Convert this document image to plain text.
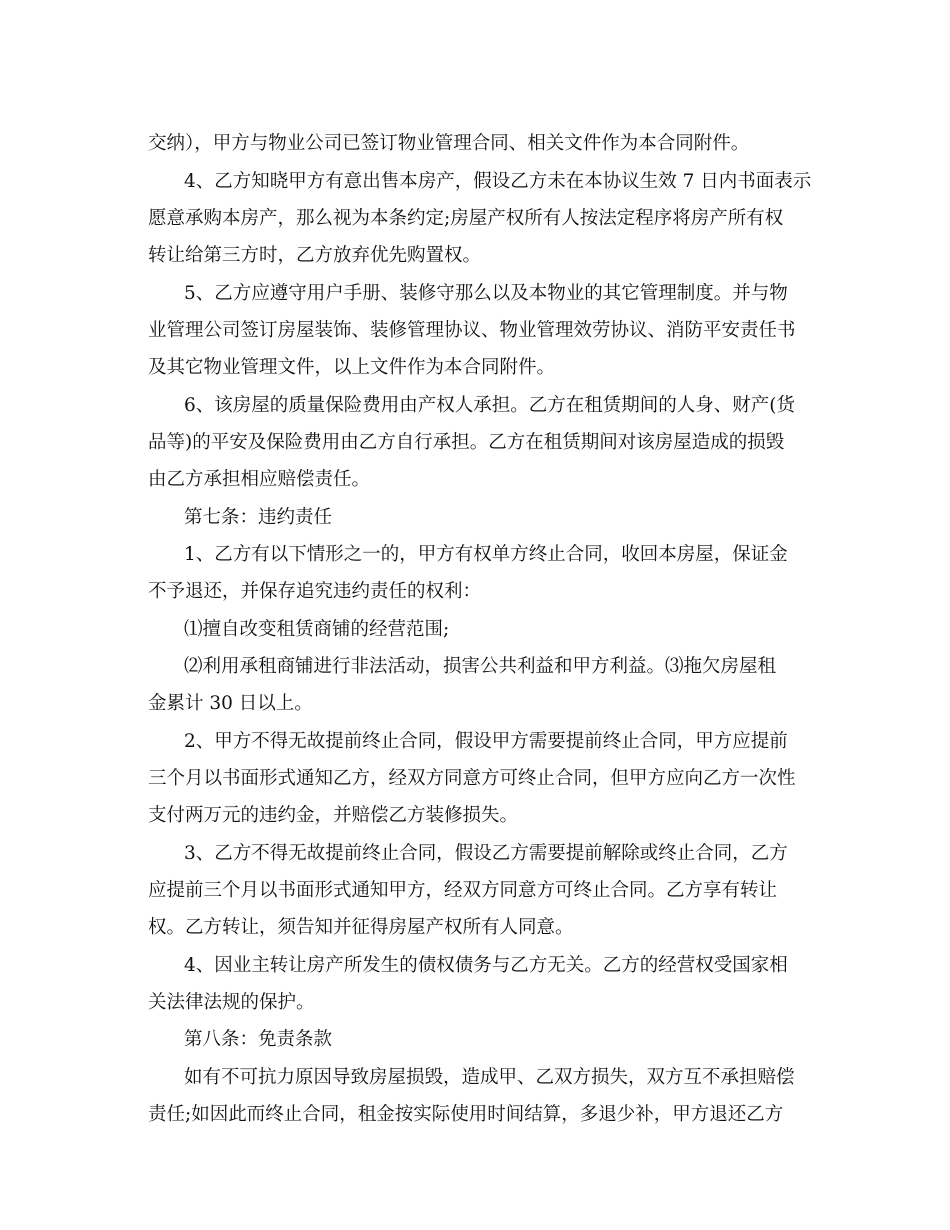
交纳），甲方与物业公司已签订物业管理合同、相关文件作为本合同附件。
4、乙方知晓甲方有意出售本房产，假设乙方未在本协议生效 7 日内书面表示
愿意承购本房产，那么视为本条约定;房屋产权所有人按法定程序将房产所有权
转让给第三方时，乙方放弃优先购置权。
5、乙方应遵守用户手册、装修守那么以及本物业的其它管理制度。并与物
业管理公司签订房屋装饰、装修管理协议、物业管理效劳协议、消防平安责任书
及其它物业管理文件，以上文件作为本合同附件。
6、该房屋的质量保险费用由产权人承担。乙方在租赁期间的人身、财产(货
品等)的平安及保险费用由乙方自行承担。乙方在租赁期间对该房屋造成的损毁
由乙方承担相应赔偿责任。
第七条：违约责任
1、乙方有以下情形之一的，甲方有权单方终止合同，收回本房屋，保证金
不予退还，并保存追究违约责任的权利：
⑴擅自改变租赁商铺的经营范围;
⑵利用承租商铺进行非法活动，损害公共利益和甲方利益。⑶拖欠房屋租
金累计 30 日以上。
2、甲方不得无故提前终止合同，假设甲方需要提前终止合同，甲方应提前
三个月以书面形式通知乙方，经双方同意方可终止合同，但甲方应向乙方一次性
支付两万元的违约金，并赔偿乙方装修损失。
3、乙方不得无故提前终止合同，假设乙方需要提前解除或终止合同，乙方
应提前三个月以书面形式通知甲方，经双方同意方可终止合同。乙方享有转让
权。乙方转让，须告知并征得房屋产权所有人同意。
4、因业主转让房产所发生的债权债务与乙方无关。乙方的经营权受国家相
关法律法规的保护。
第八条：免责条款
如有不可抗力原因导致房屋损毁，造成甲、乙双方损失，双方互不承担赔偿
责任;如因此而终止合同，租金按实际使用时间结算，多退少补，甲方退还乙方
